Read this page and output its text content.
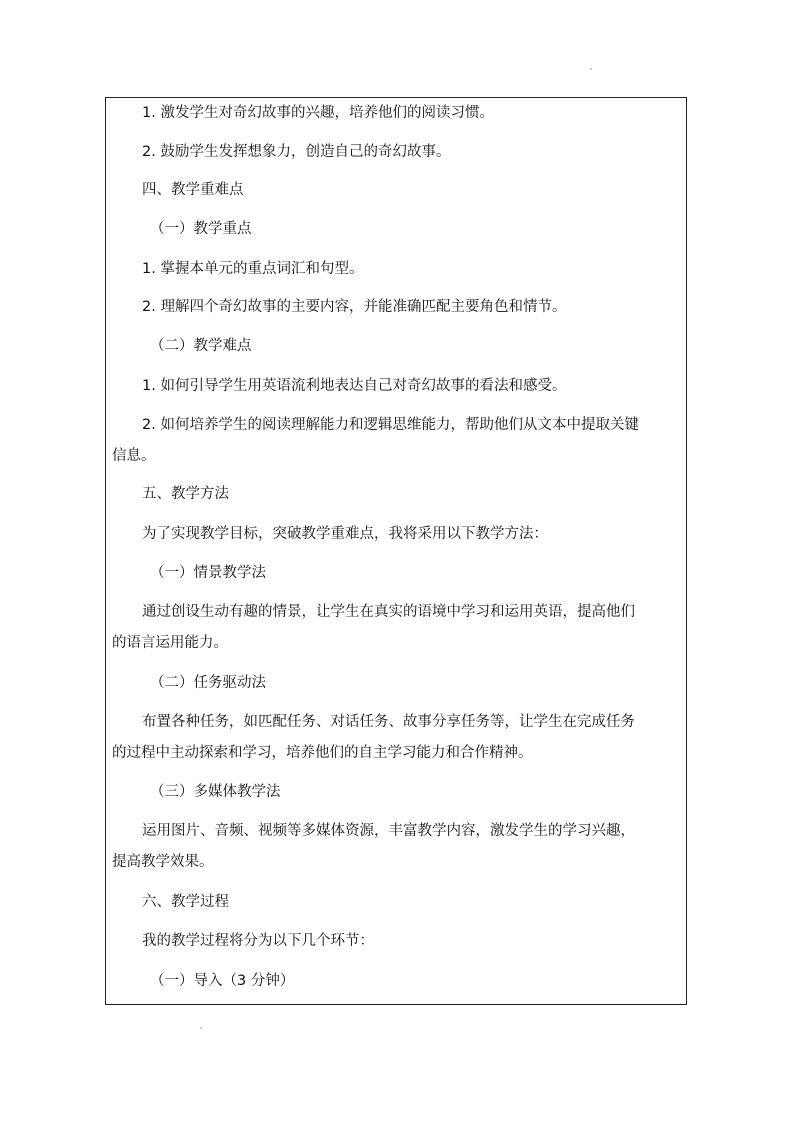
1. 激发学生对奇幻故事的兴趣，培养他们的阅读习惯。
2. 鼓励学生发挥想象力，创造自己的奇幻故事。
四、教学重难点
（一）教学重点
1. 掌握本单元的重点词汇和句型。
2. 理解四个奇幻故事的主要内容，并能准确匹配主要角色和情节。
（二）教学难点
1. 如何引导学生用英语流利地表达自己对奇幻故事的看法和感受。
2. 如何培养学生的阅读理解能力和逻辑思维能力，帮助他们从文本中提取关键
信息。
五、教学方法
为了实现教学目标，突破教学重难点，我将采用以下教学方法：
（一）情景教学法
通过创设生动有趣的情景，让学生在真实的语境中学习和运用英语，提高他们
的语言运用能力。
（二）任务驱动法
布置各种任务，如匹配任务、对话任务、故事分享任务等，让学生在完成任务
的过程中主动探索和学习，培养他们的自主学习能力和合作精神。
（三）多媒体教学法
运用图片、音频、视频等多媒体资源，丰富教学内容，激发学生的学习兴趣，
提高教学效果。
六、教学过程
我的教学过程将分为以下几个环节：
（一）导入（3 分钟）
